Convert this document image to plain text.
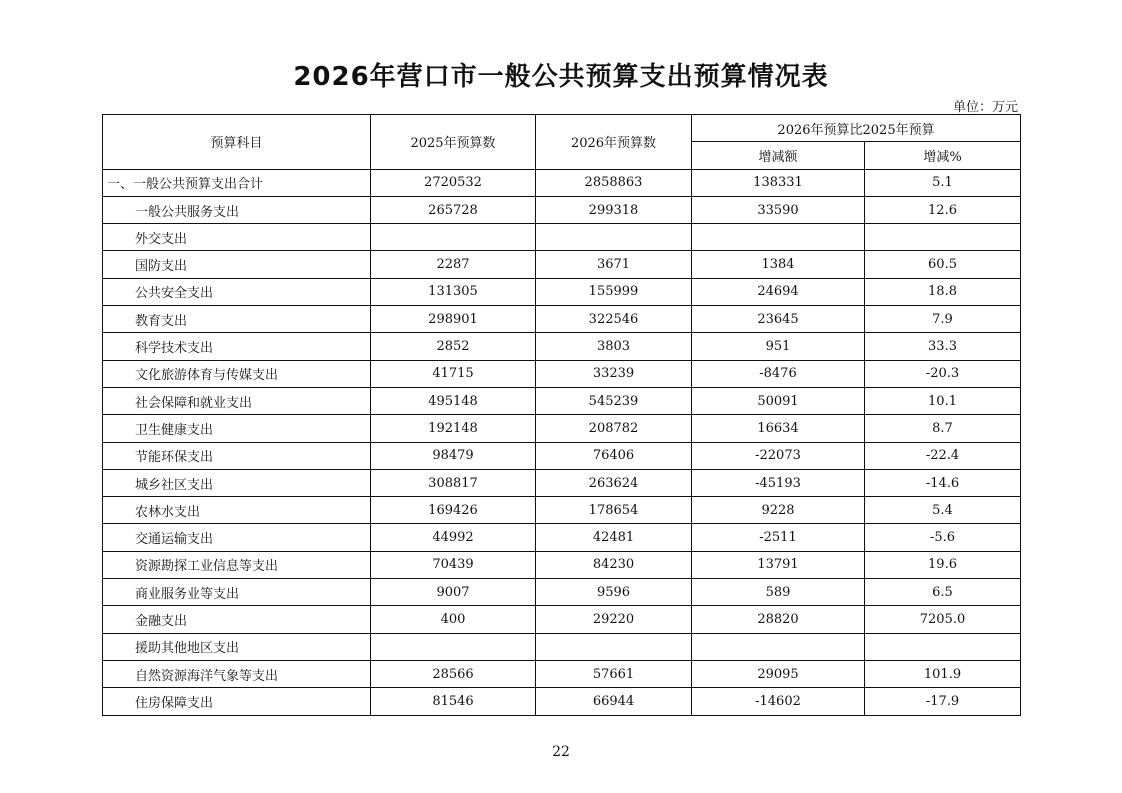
2026年营口市一般公共预算支出预算情况表
单位：万元
预算科目	2025年预算数	2026年预算数	2026年预算比2025年预算	
			增减额	增减%
一、一般公共预算支出合计	2720532	2858863	138331	5.1
一般公共服务支出	265728	299318	33590	12.6
外交支出				
国防支出	2287	3671	1384	60.5
公共安全支出	131305	155999	24694	18.8
教育支出	298901	322546	23645	7.9
科学技术支出	2852	3803	951	33.3
文化旅游体育与传媒支出	41715	33239	-8476	-20.3
社会保障和就业支出	495148	545239	50091	10.1
卫生健康支出	192148	208782	16634	8.7
节能环保支出	98479	76406	-22073	-22.4
城乡社区支出	308817	263624	-45193	-14.6
农林水支出	169426	178654	9228	5.4
交通运输支出	44992	42481	-2511	-5.6
资源勘探工业信息等支出	70439	84230	13791	19.6
商业服务业等支出	9007	9596	589	6.5
金融支出	400	29220	28820	7205.0
援助其他地区支出				
自然资源海洋气象等支出	28566	57661	29095	101.9
住房保障支出	81546	66944	-14602	-17.9
22
